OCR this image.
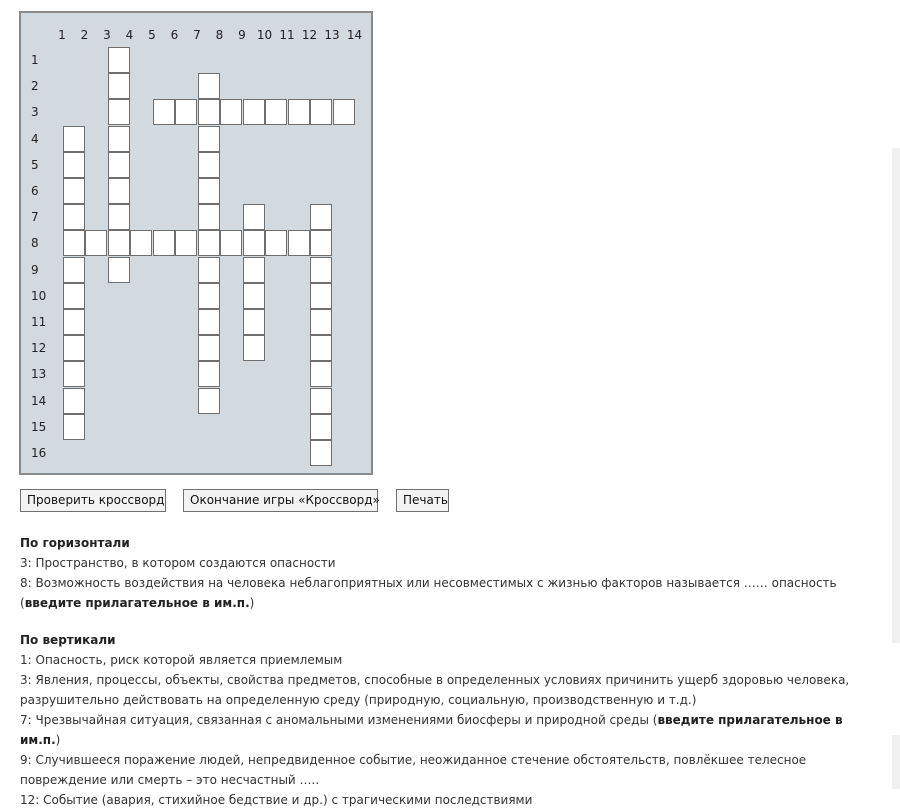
1	2	3	4	5	6	7	8	9 10 11 12 13 14
1
2
3
4
5
6
7
8
9
10
11
12
13
14
15
16
Проверить кроссворд	Окончание игры «Кроссворд»	Печать
По горизонтали

3: Пространство, в котором создаются опасности

8: Возможность воздействия на человека неблагоприятных или несовместимых с жизнью факторов называется …… опасность (введите прилагательное в им.п.)

По вертикали

1: Опасность, риск которой является приемлемым

3: Явления, процессы, объекты, свойства предметов, способные в определенных условиях причинить ущерб здоровью человека, разрушительно действовать на определенную среду (природную, социальную, производственную и т.д.)

7: Чрезвычайная ситуация, связанная с аномальными изменениями биосферы и природной среды (введите прилагательное в им.п.)

9: Случившееся поражение людей, непредвиденное событие, неожиданное стечение обстоятельств, повлёкшее телесное повреждение или смерть – это несчастный …..

12: Событие (авария, стихийное бедствие и др.) с трагическими последствиями
